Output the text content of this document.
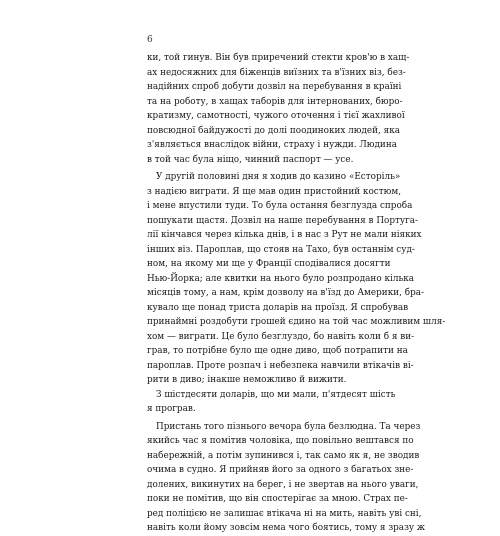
6
ки, той гинув. Він був приречений стекти кров'ю в хащ-
ах недосяжних для біженців виїзних та в'їзних віз, без-
надійних спроб добути дозвіл на перебування в країні
та на роботу, в хащах таборів для інтернованих, бюро-
кратизму, самотності, чужого оточення і тієї жахливої
повсюдної байдужості до долі поодиноких людей, яка
з'являється внаслідок війни, страху і нужди. Людина
в той час була ніщо, чинний паспорт — усе.
У другій половині дня я ходив до казино «Есторіль»
з надією виграти. Я ще мав один пристойний костюм,
і мене впустили туди. То була остання безглузда спроба
пошукати щастя. Дозвіл на наше перебування в Португа-
лії кінчався через кілька днів, і в нас з Рут не мали ніяких
інших віз. Пароплав, що стояв на Тахо, був останнім суд-
ном, на якому ми ще у Франції сподівалися досягти
Нью-Йорка; але квитки на нього було розпродано кілька
місяців тому, а нам, крім дозволу на в'їзд до Америки, бра-
кувало ще понад триста доларів на проїзд. Я спробував
принаймні роздобути грошей єдино на той час можливим шля-
хом — виграти. Це було безглуздо, бо навіть коли б я ви-
грав, то потрібне було ще одне диво, щоб потрапити на
пароплав. Проте розпач і небезпека навчили втікачів ві-
рити в диво; інакше неможливо й вижити.
З шістдесяти доларів, що ми мали, п'ятдесят шість
я програв.
Пристань того пізнього вечора була безлюдна. Та через
якийсь час я помітив чоловіка, що повільно вештався по
набережній, а потім зупинився і, так само як я, не зводив
очима в судно. Я прийняв його за одного з багатьох зне-
долених, викинутих на берег, і не звертав на нього уваги,
поки не помітив, що він спостерігає за мною. Страх пе-
ред поліцією не залишає втікача ні на мить, навіть уві сні,
навіть коли йому зовсім нема чого боятись, тому я зразу ж
